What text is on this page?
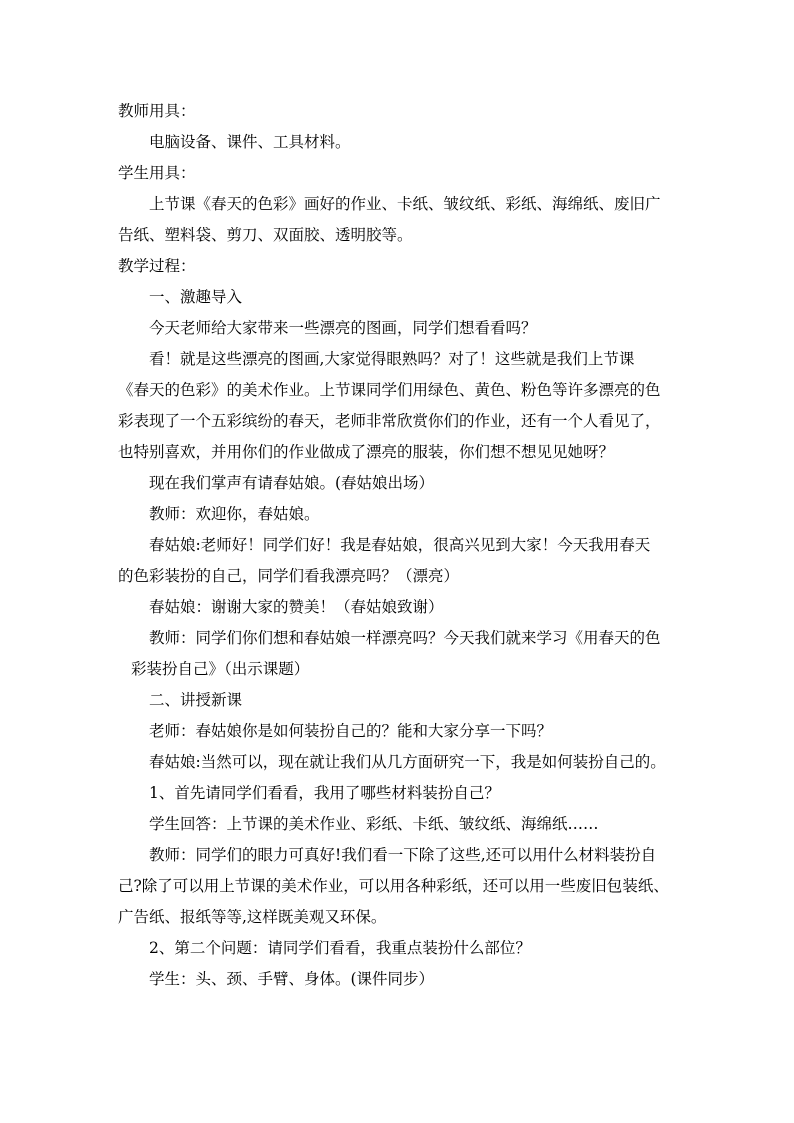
教师用具：
电脑设备、课件、工具材料。
学生用具：
上节课《春天的色彩》画好的作业、卡纸、皱纹纸、彩纸、海绵纸、废旧广
告纸、塑料袋、剪刀、双面胶、透明胶等。
教学过程：
一、激趣导入
今天老师给大家带来一些漂亮的图画，同学们想看看吗？
看！就是这些漂亮的图画,大家觉得眼熟吗？对了！这些就是我们上节课
《春天的色彩》的美术作业。上节课同学们用绿色、黄色、粉色等许多漂亮的色
彩表现了一个五彩缤纷的春天，老师非常欣赏你们的作业，还有一个人看见了，
也特别喜欢，并用你们的作业做成了漂亮的服装，你们想不想见见她呀？
现在我们掌声有请春姑娘。(春姑娘出场）
教师：欢迎你，春姑娘。
春姑娘:老师好！同学们好！我是春姑娘，很高兴见到大家！今天我用春天
的色彩装扮的自己，同学们看我漂亮吗？（漂亮）
春姑娘：谢谢大家的赞美！（春姑娘致谢）
教师：同学们你们想和春姑娘一样漂亮吗？今天我们就来学习《用春天的色
彩装扮自己》（出示课题）
二、讲授新课
老师：春姑娘你是如何装扮自己的？能和大家分享一下吗？
春姑娘:当然可以，现在就让我们从几方面研究一下，我是如何装扮自己的。
1、首先请同学们看看，我用了哪些材料装扮自己？
学生回答：上节课的美术作业、彩纸、卡纸、皱纹纸、海绵纸……
教师：同学们的眼力可真好!我们看一下除了这些,还可以用什么材料装扮自
己?除了可以用上节课的美术作业，可以用各种彩纸，还可以用一些废旧包装纸、
广告纸、报纸等等,这样既美观又环保。
2、第二个问题：请同学们看看，我重点装扮什么部位？
学生：头、颈、手臂、身体。(课件同步）
